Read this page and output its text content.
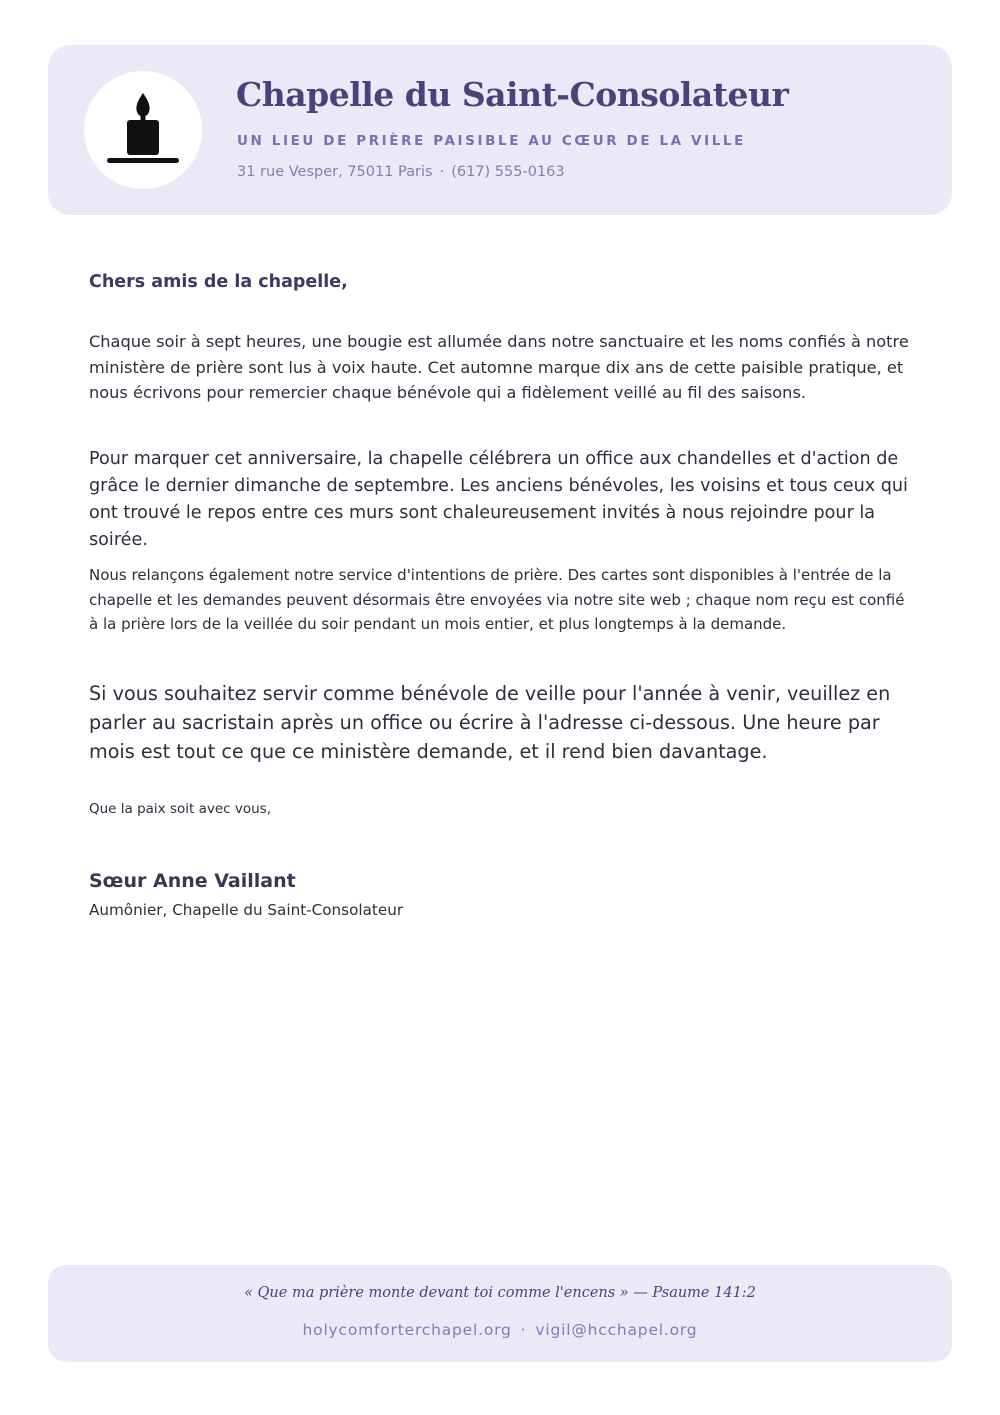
Chapelle du Saint-Consolateur
UN LIEU DE PRIÈRE PAISIBLE AU CŒUR DE LA VILLE
31 rue Vesper, 75011 Paris · (617) 555-0163
Chers amis de la chapelle,
Chaque soir à sept heures, une bougie est allumée dans notre sanctuaire et les noms confiés à notre ministère de prière sont lus à voix haute. Cet automne marque dix ans de cette paisible pratique, et nous écrivons pour remercier chaque bénévole qui a fidèlement veillé au fil des saisons.
Pour marquer cet anniversaire, la chapelle célébrera un office aux chandelles et d'action de grâce le dernier dimanche de septembre. Les anciens bénévoles, les voisins et tous ceux qui ont trouvé le repos entre ces murs sont chaleureusement invités à nous rejoindre pour la soirée.
Nous relançons également notre service d'intentions de prière. Des cartes sont disponibles à l'entrée de la chapelle et les demandes peuvent désormais être envoyées via notre site web ; chaque nom reçu est confié à la prière lors de la veillée du soir pendant un mois entier, et plus longtemps à la demande.
Si vous souhaitez servir comme bénévole de veille pour l'année à venir, veuillez en parler au sacristain après un office ou écrire à l'adresse ci-dessous. Une heure par mois est tout ce que ce ministère demande, et il rend bien davantage.
Que la paix soit avec vous,
Sœur Anne Vaillant
Aumônier, Chapelle du Saint-Consolateur
« Que ma prière monte devant toi comme l'encens » — Psaume 141:2
holycomforterchapel.org · vigil@hcchapel.org
